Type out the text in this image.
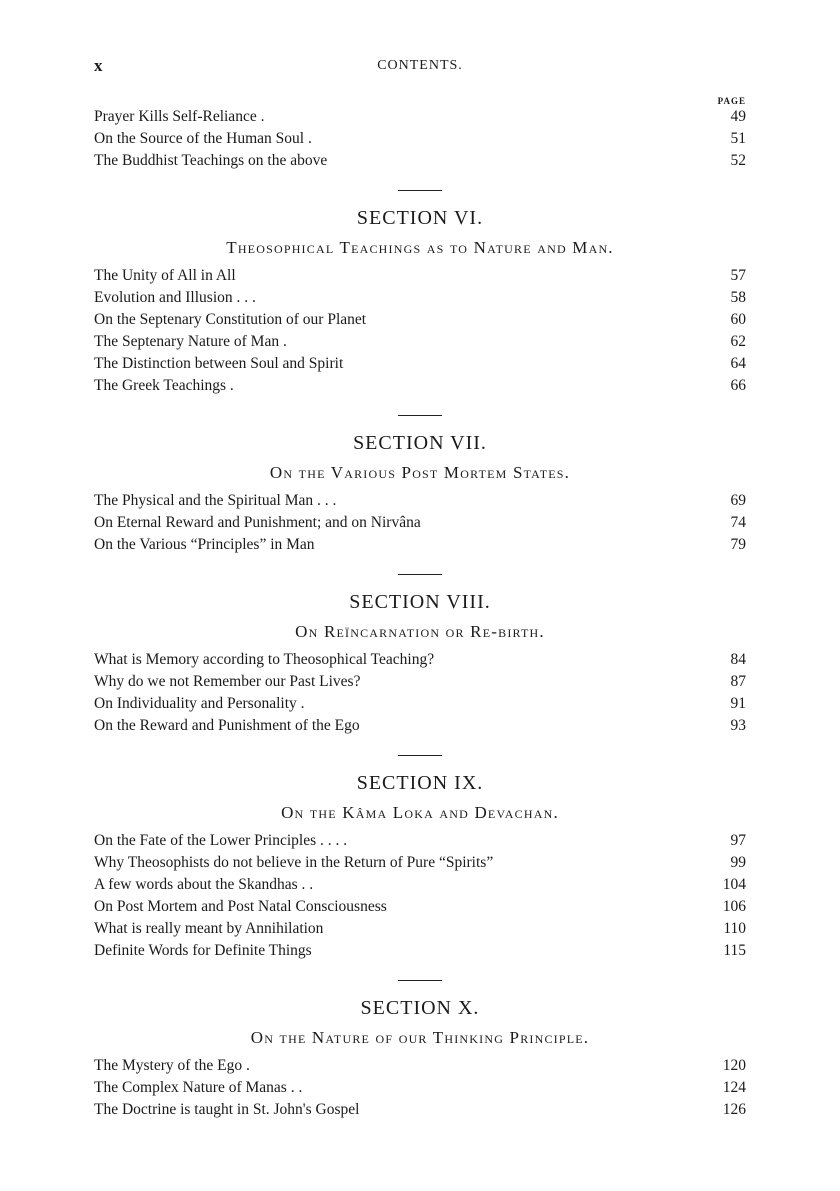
x	CONTENTS.
PAGE
Prayer Kills Self-Reliance .	49
On the Source of the Human Soul .	51
The Buddhist Teachings on the above	52
SECTION VI.
Theosophical Teachings as to Nature and Man.
The Unity of All in All	57
Evolution and Illusion . . .	58
On the Septenary Constitution of our Planet	60
The Septenary Nature of Man .	62
The Distinction between Soul and Spirit	64
The Greek Teachings .	66
SECTION VII.
On the Various Post Mortem States.
The Physical and the Spiritual Man . . .	69
On Eternal Reward and Punishment; and on Nirvâna	74
On the Various “Principles” in Man	79
SECTION VIII.
On Reïncarnation or Re-birth.
What is Memory according to Theosophical Teaching?	84
Why do we not Remember our Past Lives?	87
On Individuality and Personality .	91
On the Reward and Punishment of the Ego	93
SECTION IX.
On the Kâma Loka and Devachan.
On the Fate of the Lower Principles . . . .	97
Why Theosophists do not believe in the Return of Pure “Spirits”	99
A few words about the Skandhas . .	104
On Post Mortem and Post Natal Consciousness	106
What is really meant by Annihilation	110
Definite Words for Definite Things	115
SECTION X.
On the Nature of our Thinking Principle.
The Mystery of the Ego .	120
The Complex Nature of Manas . .	124
The Doctrine is taught in St. John's Gospel	126
